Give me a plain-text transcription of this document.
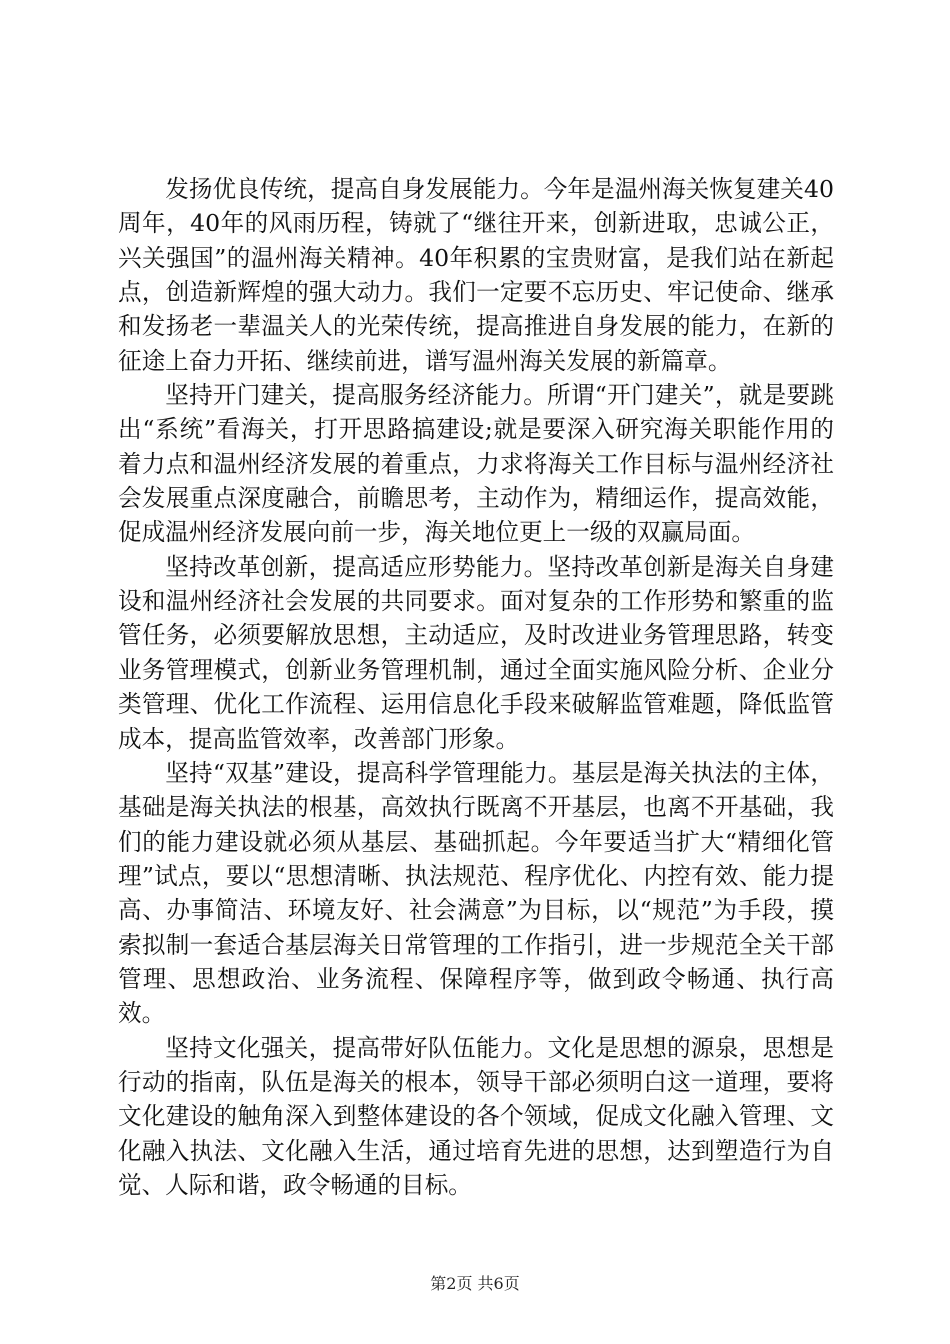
发扬优良传统，提高自身发展能力。今年是温州海关恢复建关40周年，40年的风雨历程，铸就了“继往开来，创新进取，忠诚公正，兴关强国”的温州海关精神。40年积累的宝贵财富，是我们站在新起点，创造新辉煌的强大动力。我们一定要不忘历史、牢记使命、继承和发扬老一辈温关人的光荣传统，提高推进自身发展的能力，在新的征途上奋力开拓、继续前进，谱写温州海关发展的新篇章。

坚持开门建关，提高服务经济能力。所谓“开门建关”，就是要跳出“系统”看海关，打开思路搞建设;就是要深入研究海关职能作用的着力点和温州经济发展的着重点，力求将海关工作目标与温州经济社会发展重点深度融合，前瞻思考，主动作为，精细运作，提高效能，促成温州经济发展向前一步，海关地位更上一级的双赢局面。

坚持改革创新，提高适应形势能力。坚持改革创新是海关自身建设和温州经济社会发展的共同要求。面对复杂的工作形势和繁重的监管任务，必须要解放思想，主动适应，及时改进业务管理思路，转变业务管理模式，创新业务管理机制，通过全面实施风险分析、企业分类管理、优化工作流程、运用信息化手段来破解监管难题，降低监管成本，提高监管效率，改善部门形象。

坚持“双基”建设，提高科学管理能力。基层是海关执法的主体，基础是海关执法的根基，高效执行既离不开基层，也离不开基础，我们的能力建设就必须从基层、基础抓起。今年要适当扩大“精细化管理”试点，要以“思想清晰、执法规范、程序优化、内控有效、能力提高、办事简洁、环境友好、社会满意”为目标，以“规范”为手段，摸索拟制一套适合基层海关日常管理的工作指引，进一步规范全关干部管理、思想政治、业务流程、保障程序等，做到政令畅通、执行高效。

坚持文化强关，提高带好队伍能力。文化是思想的源泉，思想是行动的指南，队伍是海关的根本，领导干部必须明白这一道理，要将文化建设的触角深入到整体建设的各个领域，促成文化融入管理、文化融入执法、文化融入生活，通过培育先进的思想，达到塑造行为自觉、人际和谐，政令畅通的目标。

第2页 共6页
